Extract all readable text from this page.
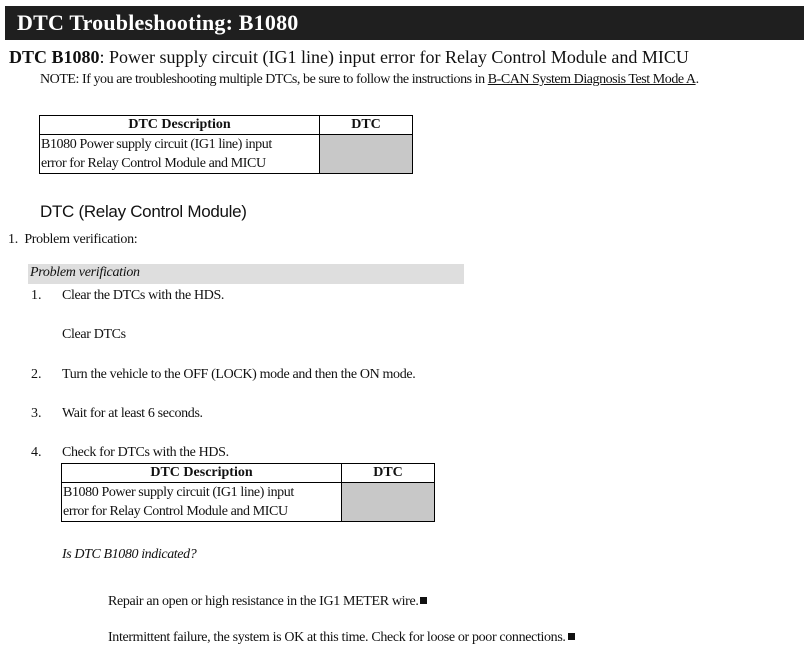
DTC Troubleshooting: B1080
DTC B1080: Power supply circuit (IG1 line) input error for Relay Control Module and MICU
NOTE: If you are troubleshooting multiple DTCs, be sure to follow the instructions in B-CAN System Diagnosis Test Mode A.
DTC Description	DTC

B1080 Power supply circuit (IG1 line) input
error for Relay Control Module and MICU	

DTC (Relay Control Module)
1. Problem verification:
Problem verification
1. Clear the DTCs with the HDS.
Clear DTCs
2. Turn the vehicle to the OFF (LOCK) mode and then the ON mode.
3. Wait for at least 6 seconds.
4. Check for DTCs with the HDS.
DTC Description	DTC

B1080 Power supply circuit (IG1 line) input
error for Relay Control Module and MICU	

Is DTC B1080 indicated?
Repair an open or high resistance in the IG1 METER wire.
Intermittent failure, the system is OK at this time. Check for loose or poor connections.
